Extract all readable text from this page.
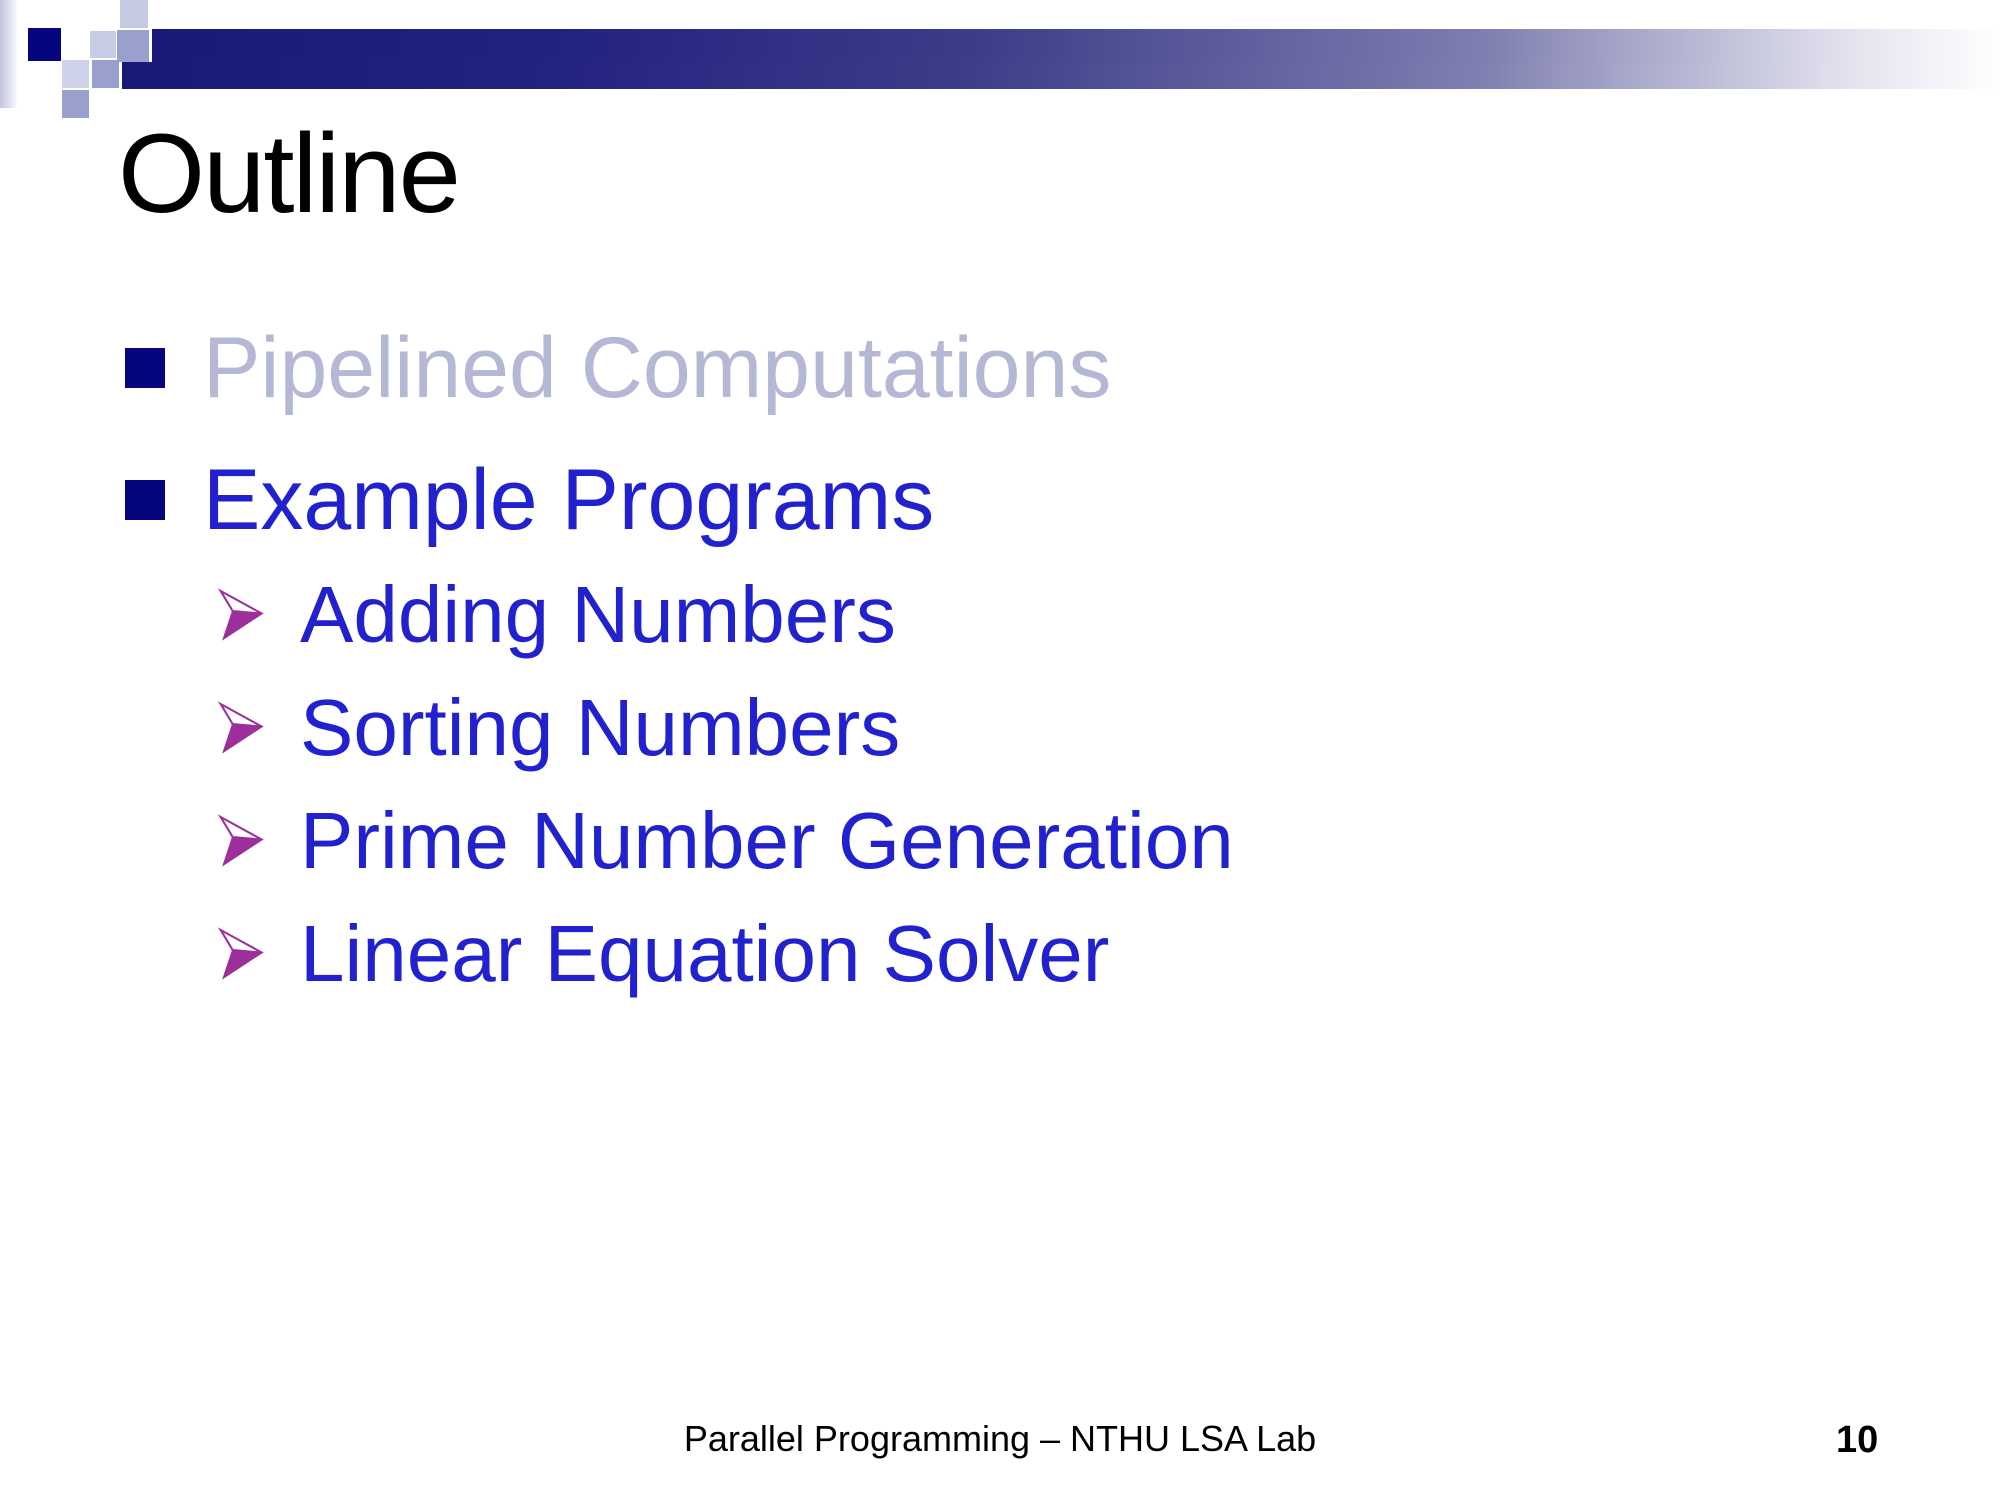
Outline
Pipelined Computations
Example Programs
Adding Numbers
Sorting Numbers
Prime Number Generation
Linear Equation Solver
Parallel Programming – NTHU LSA Lab	10
